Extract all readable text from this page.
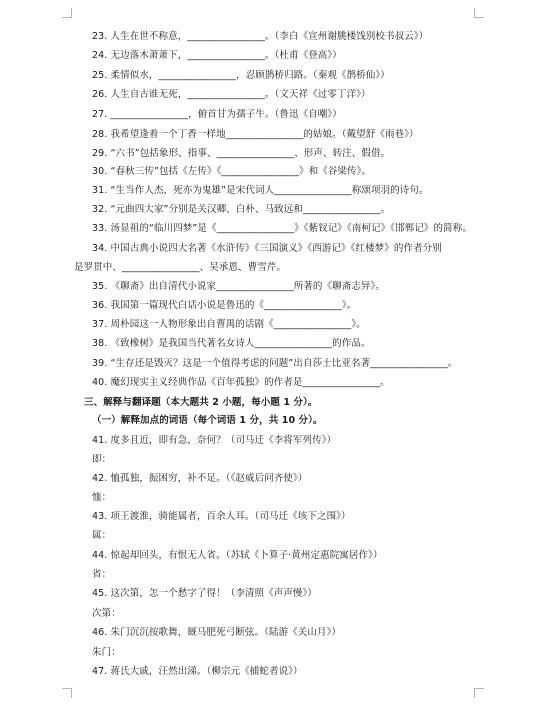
23. 人生在世不称意，________________。（李白《宣州谢朓楼饯别校书叔云》）
24. 无边落木萧萧下，________________。（杜甫《登高》）
25. 柔情似水，________________，忍顾鹊桥归路。（秦观《鹊桥仙》）
26. 人生自古谁无死，________________。（文天祥《过零丁洋》）
27. ________________，俯首甘为孺子牛。（鲁迅《自嘲》）
28. 我希望逢着一个丁香一样地________________的姑娘。（戴望舒《雨巷》）
29. “六书”包括象形、指事、________________、形声、转注、假借。
30. “春秋三传”包括《左传》《________________》和《谷梁传》。
31. “生当作人杰，死亦为鬼雄”是宋代词人________________称颂项羽的诗句。
32. “元曲四大家”分别是关汉卿、白朴、马致远和________________。
33. 汤显祖的“临川四梦”是《________________》《紫钗记》《南柯记》《邯郸记》的简称。
34. 中国古典小说四大名著《水浒传》《三国演义》《西游记》《红楼梦》的作者分别
是罗贯中、________________、吴承恩、曹雪芹。
35. 《聊斋》出自清代小说家________________所著的《聊斋志异》。
36. 我国第一篇现代白话小说是鲁迅的《________________》。
37. 周朴园这一人物形象出自曹禺的话剧《________________》。
38. 《致橡树》是我国当代著名女诗人________________的作品。
39. “生存还是毁灭？这是一个值得考虑的问题”出自莎士比亚名著________________。
40. 魔幻现实主义经典作品《百年孤独》的作者是________________。
三、解释与翻译题（本大题共 2 小题，每小题 1 分）。
（一）解释加点的词语（每个词语 1 分，共 10 分）。
41. 度多且近，即有急，奈何？（司马迁《李将军列传》）
即：
42. 恤孤独，振困穷，补不足。（《赵威后问齐使》）
恤：
43. 项王渡淮，骑能属者，百余人耳。（司马迁《垓下之围》）
属：
44. 惊起却回头，有恨无人省。（苏轼《卜算子·黄州定惠院寓居作》）
省：
45. 这次第，怎一个愁字了得！（李清照《声声慢》）
次第：
46. 朱门沉沉按歌舞，厩马肥死弓断弦。（陆游《关山月》）
朱门：
47. 蒋氏大戚，汪然出涕。（柳宗元《捕蛇者说》）
